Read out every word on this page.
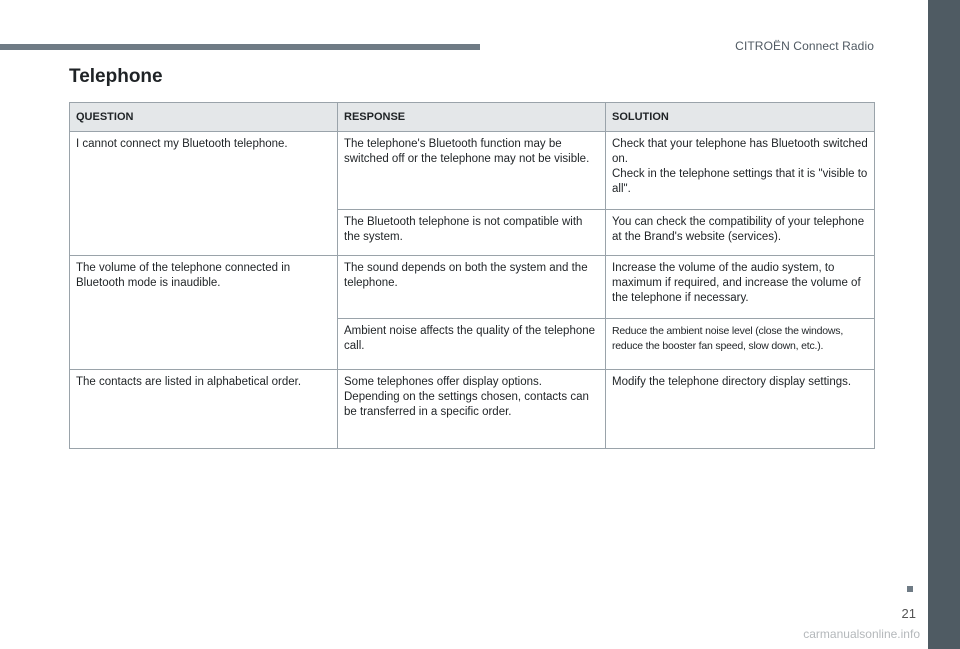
CITROËN Connect Radio
Telephone
QUESTION	RESPONSE	SOLUTION
I cannot connect my Bluetooth telephone.	The telephone's Bluetooth function may be switched off or the telephone may not be visible.	Check that your telephone has Bluetooth switched on.
Check in the telephone settings that it is "visible to all".
	The Bluetooth telephone is not compatible with the system.	You can check the compatibility of your telephone at the Brand's website (services).
The volume of the telephone connected in Bluetooth mode is inaudible.	The sound depends on both the system and the telephone.	Increase the volume of the audio system, to maximum if required, and increase the volume of the telephone if necessary.
	Ambient noise affects the quality of the telephone call.	Reduce the ambient noise level (close the windows, reduce the booster fan speed, slow down, etc.).
The contacts are listed in alphabetical order.	Some telephones offer display options. Depending on the settings chosen, contacts can be transferred in a specific order.	Modify the telephone directory display settings.
21
carmanualsonline.info
